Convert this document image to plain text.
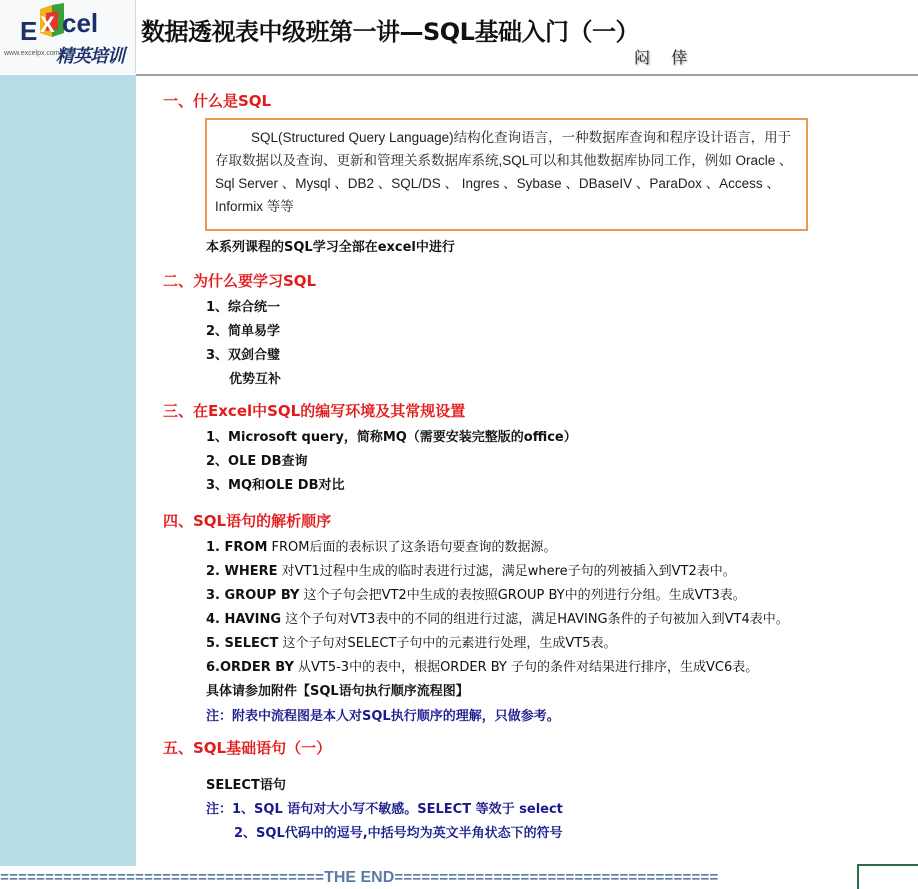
E X cel
www.excelpx.com
精英培训
数据透视表中级班第一讲—SQL基础入门（一）
闷 倖
一、什么是SQL

SQL(Structured Query Language)结构化查询语言，一种数据库查询和程序设计语言，用于存取数据以及查询、更新和管理关系数据库系统,SQL可以和其他数据库协同工作，例如 Oracle 、Sql Server 、Mysql 、DB2 、SQL/DS 、 Ingres 、Sybase 、DBaseIV 、ParaDox 、Access 、Informix 等等

本系列课程的SQL学习全部在excel中进行
二、为什么要学习SQL
1、综合统一
2、简单易学
3、双剑合璧
优势互补
三、在Excel中SQL的编写环境及其常规设置
1、Microsoft query，简称MQ（需要安装完整版的office）
2、OLE DB查询
3、MQ和OLE DB对比
四、SQL语句的解析顺序
1. FROM FROM后面的表标识了这条语句要查询的数据源。
2. WHERE 对VT1过程中生成的临时表进行过滤，满足where子句的列被插入到VT2表中。
3. GROUP BY 这个子句会把VT2中生成的表按照GROUP BY中的列进行分组。生成VT3表。
4. HAVING 这个子句对VT3表中的不同的组进行过滤，满足HAVING条件的子句被加入到VT4表中。
5. SELECT 这个子句对SELECT子句中的元素进行处理，生成VT5表。
6.ORDER BY 从VT5-3中的表中，根据ORDER BY 子句的条件对结果进行排序，生成VC6表。
具体请参加附件【SQL语句执行顺序流程图】
注：附表中流程图是本人对SQL执行顺序的理解，只做参考。
五、SQL基础语句（一）
SELECT语句
注：1、SQL 语句对大小写不敏感。SELECT 等效于 select
2、SQL代码中的逗号,中括号均为英文半角状态下的符号
====================================THE END====================================
